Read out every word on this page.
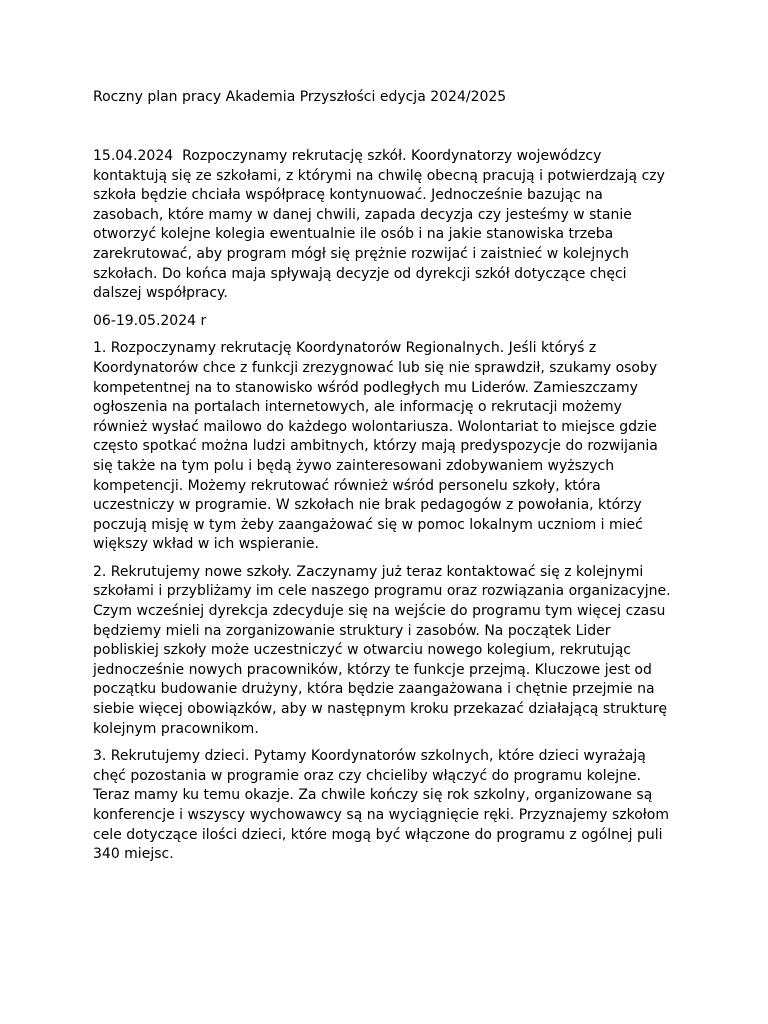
Roczny plan pracy Akademia Przyszłości edycja 2024/2025

15.04.2024 Rozpoczynamy rekrutację szkół. Koordynatorzy wojewódzcy kontaktują się ze szkołami, z którymi na chwilę obecną pracują i potwierdzają czy szkoła będzie chciała współpracę kontynuować. Jednocześnie bazując na zasobach, które mamy w danej chwili, zapada decyzja czy jesteśmy w stanie otworzyć kolejne kolegia ewentualnie ile osób i na jakie stanowiska trzeba zarekrutować, aby program mógł się prężnie rozwijać i zaistnieć w kolejnych szkołach. Do końca maja spływają decyzje od dyrekcji szkół dotyczące chęci dalszej współpracy.

06-19.05.2024 r

1. Rozpoczynamy rekrutację Koordynatorów Regionalnych. Jeśli któryś z Koordynatorów chce z funkcji zrezygnować lub się nie sprawdził, szukamy osoby kompetentnej na to stanowisko wśród podległych mu Liderów. Zamieszczamy ogłoszenia na portalach internetowych, ale informację o rekrutacji możemy również wysłać mailowo do każdego wolontariusza. Wolontariat to miejsce gdzie często spotkać można ludzi ambitnych, którzy mają predyspozycje do rozwijania się także na tym polu i będą żywo zainteresowani zdobywaniem wyższych kompetencji. Możemy rekrutować również wśród personelu szkoły, która uczestniczy w programie. W szkołach nie brak pedagogów z powołania, którzy poczują misję w tym żeby zaangażować się w pomoc lokalnym uczniom i mieć większy wkład w ich wspieranie.

2. Rekrutujemy nowe szkoły. Zaczynamy już teraz kontaktować się z kolejnymi szkołami i przybliżamy im cele naszego programu oraz rozwiązania organizacyjne. Czym wcześniej dyrekcja zdecyduje się na wejście do programu tym więcej czasu będziemy mieli na zorganizowanie struktury i zasobów. Na początek Lider pobliskiej szkoły może uczestniczyć w otwarciu nowego kolegium, rekrutując jednocześnie nowych pracowników, którzy te funkcje przejmą. Kluczowe jest od początku budowanie drużyny, która będzie zaangażowana i chętnie przejmie na siebie więcej obowiązków, aby w następnym kroku przekazać działającą strukturę kolejnym pracownikom.

3. Rekrutujemy dzieci. Pytamy Koordynatorów szkolnych, które dzieci wyrażają chęć pozostania w programie oraz czy chcieliby włączyć do programu kolejne. Teraz mamy ku temu okazje. Za chwile kończy się rok szkolny, organizowane są konferencje i wszyscy wychowawcy są na wyciągnięcie ręki. Przyznajemy szkołom cele dotyczące ilości dzieci, które mogą być włączone do programu z ogólnej puli 340 miejsc.
